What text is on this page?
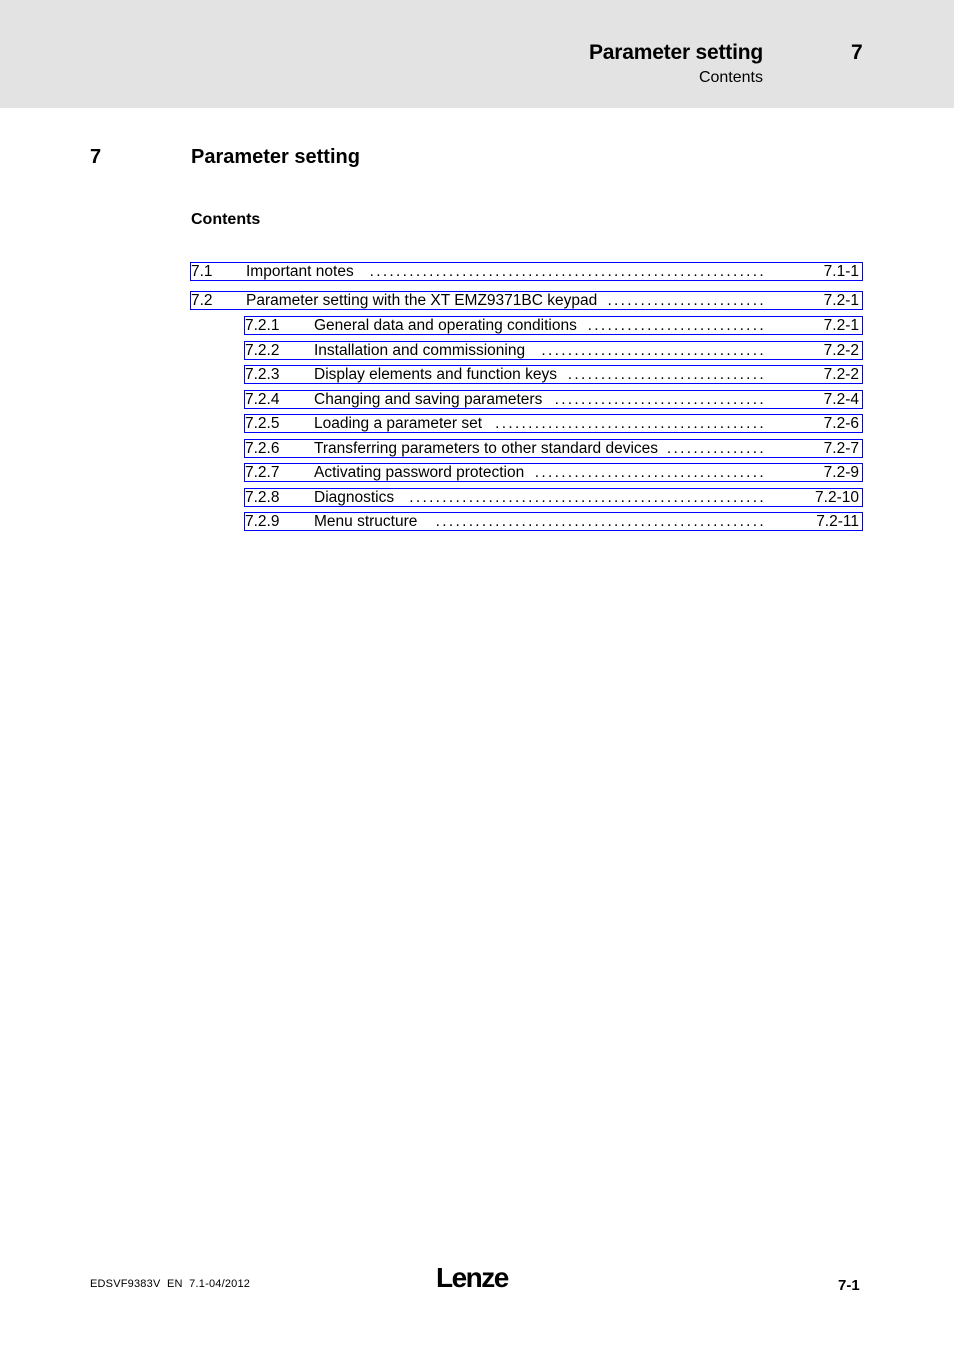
Parameter setting	7
Contents
7	Parameter setting
Contents
7.1 Important notes	............................................................	7.1-1
7.2 Parameter setting with the XT EMZ9371BC keypad ........................	7.2-1
7.2.1 General data and operating conditions ...........................	7.2-1
7.2.2 Installation and commissioning	..................................	7.2-2
7.2.3 Display elements and function keys ..............................	7.2-2
7.2.4 Changing and saving parameters ................................	7.2-4
7.2.5 Loading a parameter set .........................................	7.2-6
7.2.6 Transferring parameters to other standard devices ...............	7.2-7
7.2.7 Activating password protection ...................................	7.2-9
7.2.8 Diagnostics ......................................................	7.2-10
7.2.9 Menu structure	..................................................	7.2-11
EDSVF9383V  EN  7.1-04/2012	Lenze	7-1
